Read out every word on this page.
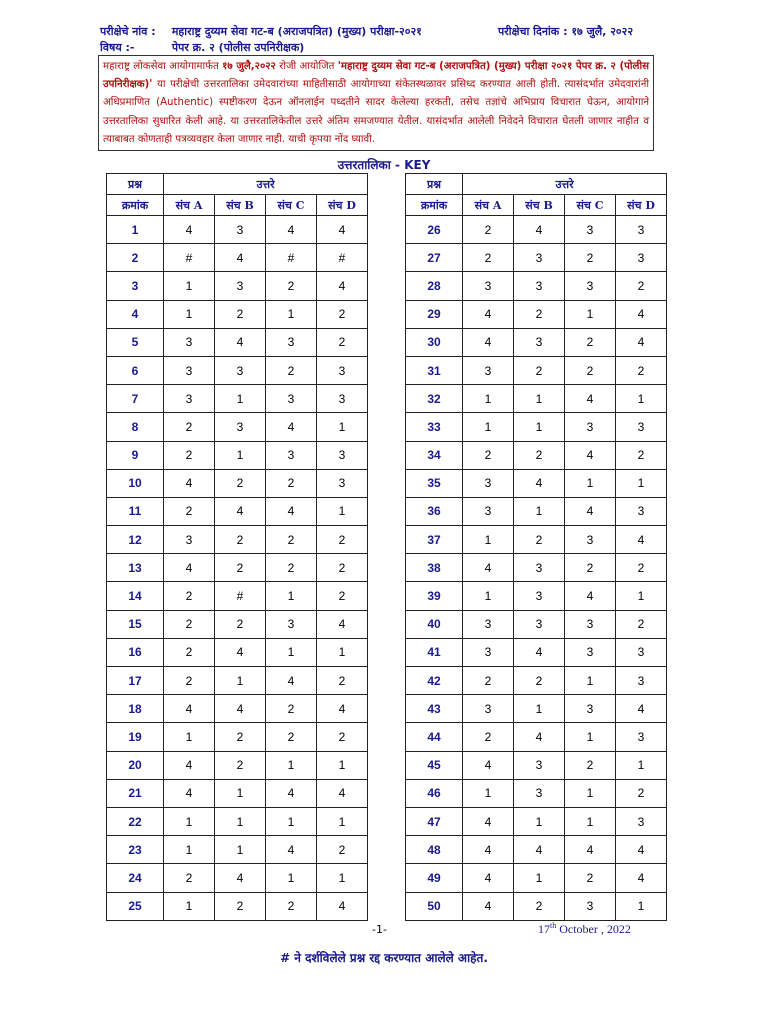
परीक्षेचे नांव : महाराष्ट्र दुय्यम सेवा गट-ब (अराजपत्रित) (मुख्य) परीक्षा-२०२१	परीक्षेचा दिनांक : १७ जुलै, २०२२
विषय :-	पेपर क्र. २ (पोलीस उपनिरीक्षक)
महाराष्ट्र लोकसेवा आयोगामार्फत १७ जुलै,२०२२ रोजी आयोजित 'महाराष्ट्र दुय्यम सेवा गट-ब (अराजपत्रित) (मुख्य) परीक्षा २०२१ पेपर क्र. २ (पोलीस उपनिरीक्षक)' या परीक्षेची उत्तरतालिका उमेदवारांच्या माहितीसाठी आयोगाच्या संकेतस्थळावर प्रसिध्द करण्यात आली होती. त्यासंदर्भात उमेदवारांनी अधिप्रमाणित (Authentic) स्पष्टीकरण देऊन ऑनलाईन पध्दतीने सादर केलेल्या हरकती, तसेच तज्ञांचे अभिप्राय विचारात घेऊन, आयोगाने उत्तरतालिका सुधारित केली आहे. या उत्तरतालिकेतील उत्तरे अंतिम समजण्यात येतील. यासंदर्भात आलेली निवेदने विचारात घेतली जाणार नाहीत व त्याबाबत कोणताही पत्रव्यवहार केला जाणार नाही. याची कृपया नोंद घ्यावी.
उत्तरतालिका - KEY
प्रश्न	उत्तरे			
क्रमांक	संच A	संच B	संच C	संच D
1	4	3	4	4
2	#	4	#	#
3	1	3	2	4
4	1	2	1	2
5	3	4	3	2
6	3	3	2	3
7	3	1	3	3
8	2	3	4	1
9	2	1	3	3
10	4	2	2	3
11	2	4	4	1
12	3	2	2	2
13	4	2	2	2
14	2	#	1	2
15	2	2	3	4
16	2	4	1	1
17	2	1	4	2
18	4	4	2	4
19	1	2	2	2
20	4	2	1	1
21	4	1	4	4
22	1	1	1	1
23	1	1	4	2
24	2	4	1	1
25	1	2	2	4
प्रश्न	उत्तरे			
क्रमांक	संच A	संच B	संच C	संच D
26	2	4	3	3
27	2	3	2	3
28	3	3	3	2
29	4	2	1	4
30	4	3	2	4
31	3	2	2	2
32	1	1	4	1
33	1	1	3	3
34	2	2	4	2
35	3	4	1	1
36	3	1	4	3
37	1	2	3	4
38	4	3	2	2
39	1	3	4	1
40	3	3	3	2
41	3	4	3	3
42	2	2	1	3
43	3	1	3	4
44	2	4	1	3
45	4	3	2	1
46	1	3	1	2
47	4	1	1	3
48	4	4	4	4
49	4	1	2	4
50	4	2	3	1
-1-	17th October , 2022
# ने दर्शविलेले प्रश्न रद्द करण्यात आलेले आहेत.
